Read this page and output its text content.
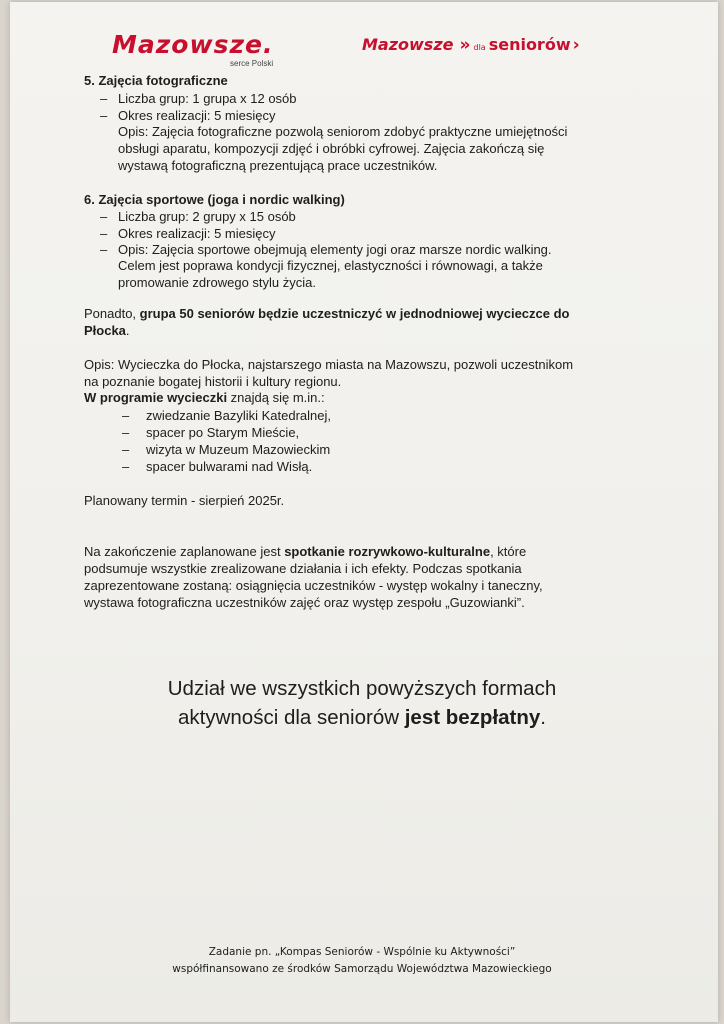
Mazowsze.
serce Polski
Mazowsze » dla seniorów ›
5. Zajęcia fotograficzne
– Liczba grup: 1 grupa x 12 osób
– Okres realizacji: 5 miesięcy
Opis: Zajęcia fotograficzne pozwolą seniorom zdobyć praktyczne umiejętności
obsługi aparatu, kompozycji zdjęć i obróbki cyfrowej. Zajęcia zakończą się
wystawą fotograficzną prezentującą prace uczestników.
6. Zajęcia sportowe (joga i nordic walking)
– Liczba grup: 2 grupy x 15 osób
– Okres realizacji: 5 miesięcy
– Opis: Zajęcia sportowe obejmują elementy jogi oraz marsze nordic walking.
Celem jest poprawa kondycji fizycznej, elastyczności i równowagi, a także
promowanie zdrowego stylu życia.
Ponadto, grupa 50 seniorów będzie uczestniczyć w jednodniowej wycieczce do
Płocka.
Opis: Wycieczka do Płocka, najstarszego miasta na Mazowszu, pozwoli uczestnikom
na poznanie bogatej historii i kultury regionu.
W programie wycieczki znajdą się m.in.:
– zwiedzanie Bazyliki Katedralnej,
– spacer po Starym Mieście,
– wizyta w Muzeum Mazowieckim
– spacer bulwarami nad Wisłą.
Planowany termin - sierpień 2025r.
Na zakończenie zaplanowane jest spotkanie rozrywkowo-kulturalne, które
podsumuje wszystkie zrealizowane działania i ich efekty. Podczas spotkania
zaprezentowane zostaną: osiągnięcia uczestników - występ wokalny i taneczny,
wystawa fotograficzna uczestników zajęć oraz występ zespołu „Guzowianki”.
Udział we wszystkich powyższych formach
aktywności dla seniorów jest bezpłatny.
Zadanie pn. „Kompas Seniorów - Wspólnie ku Aktywności”
współfinansowano ze środków Samorządu Województwa Mazowieckiego
